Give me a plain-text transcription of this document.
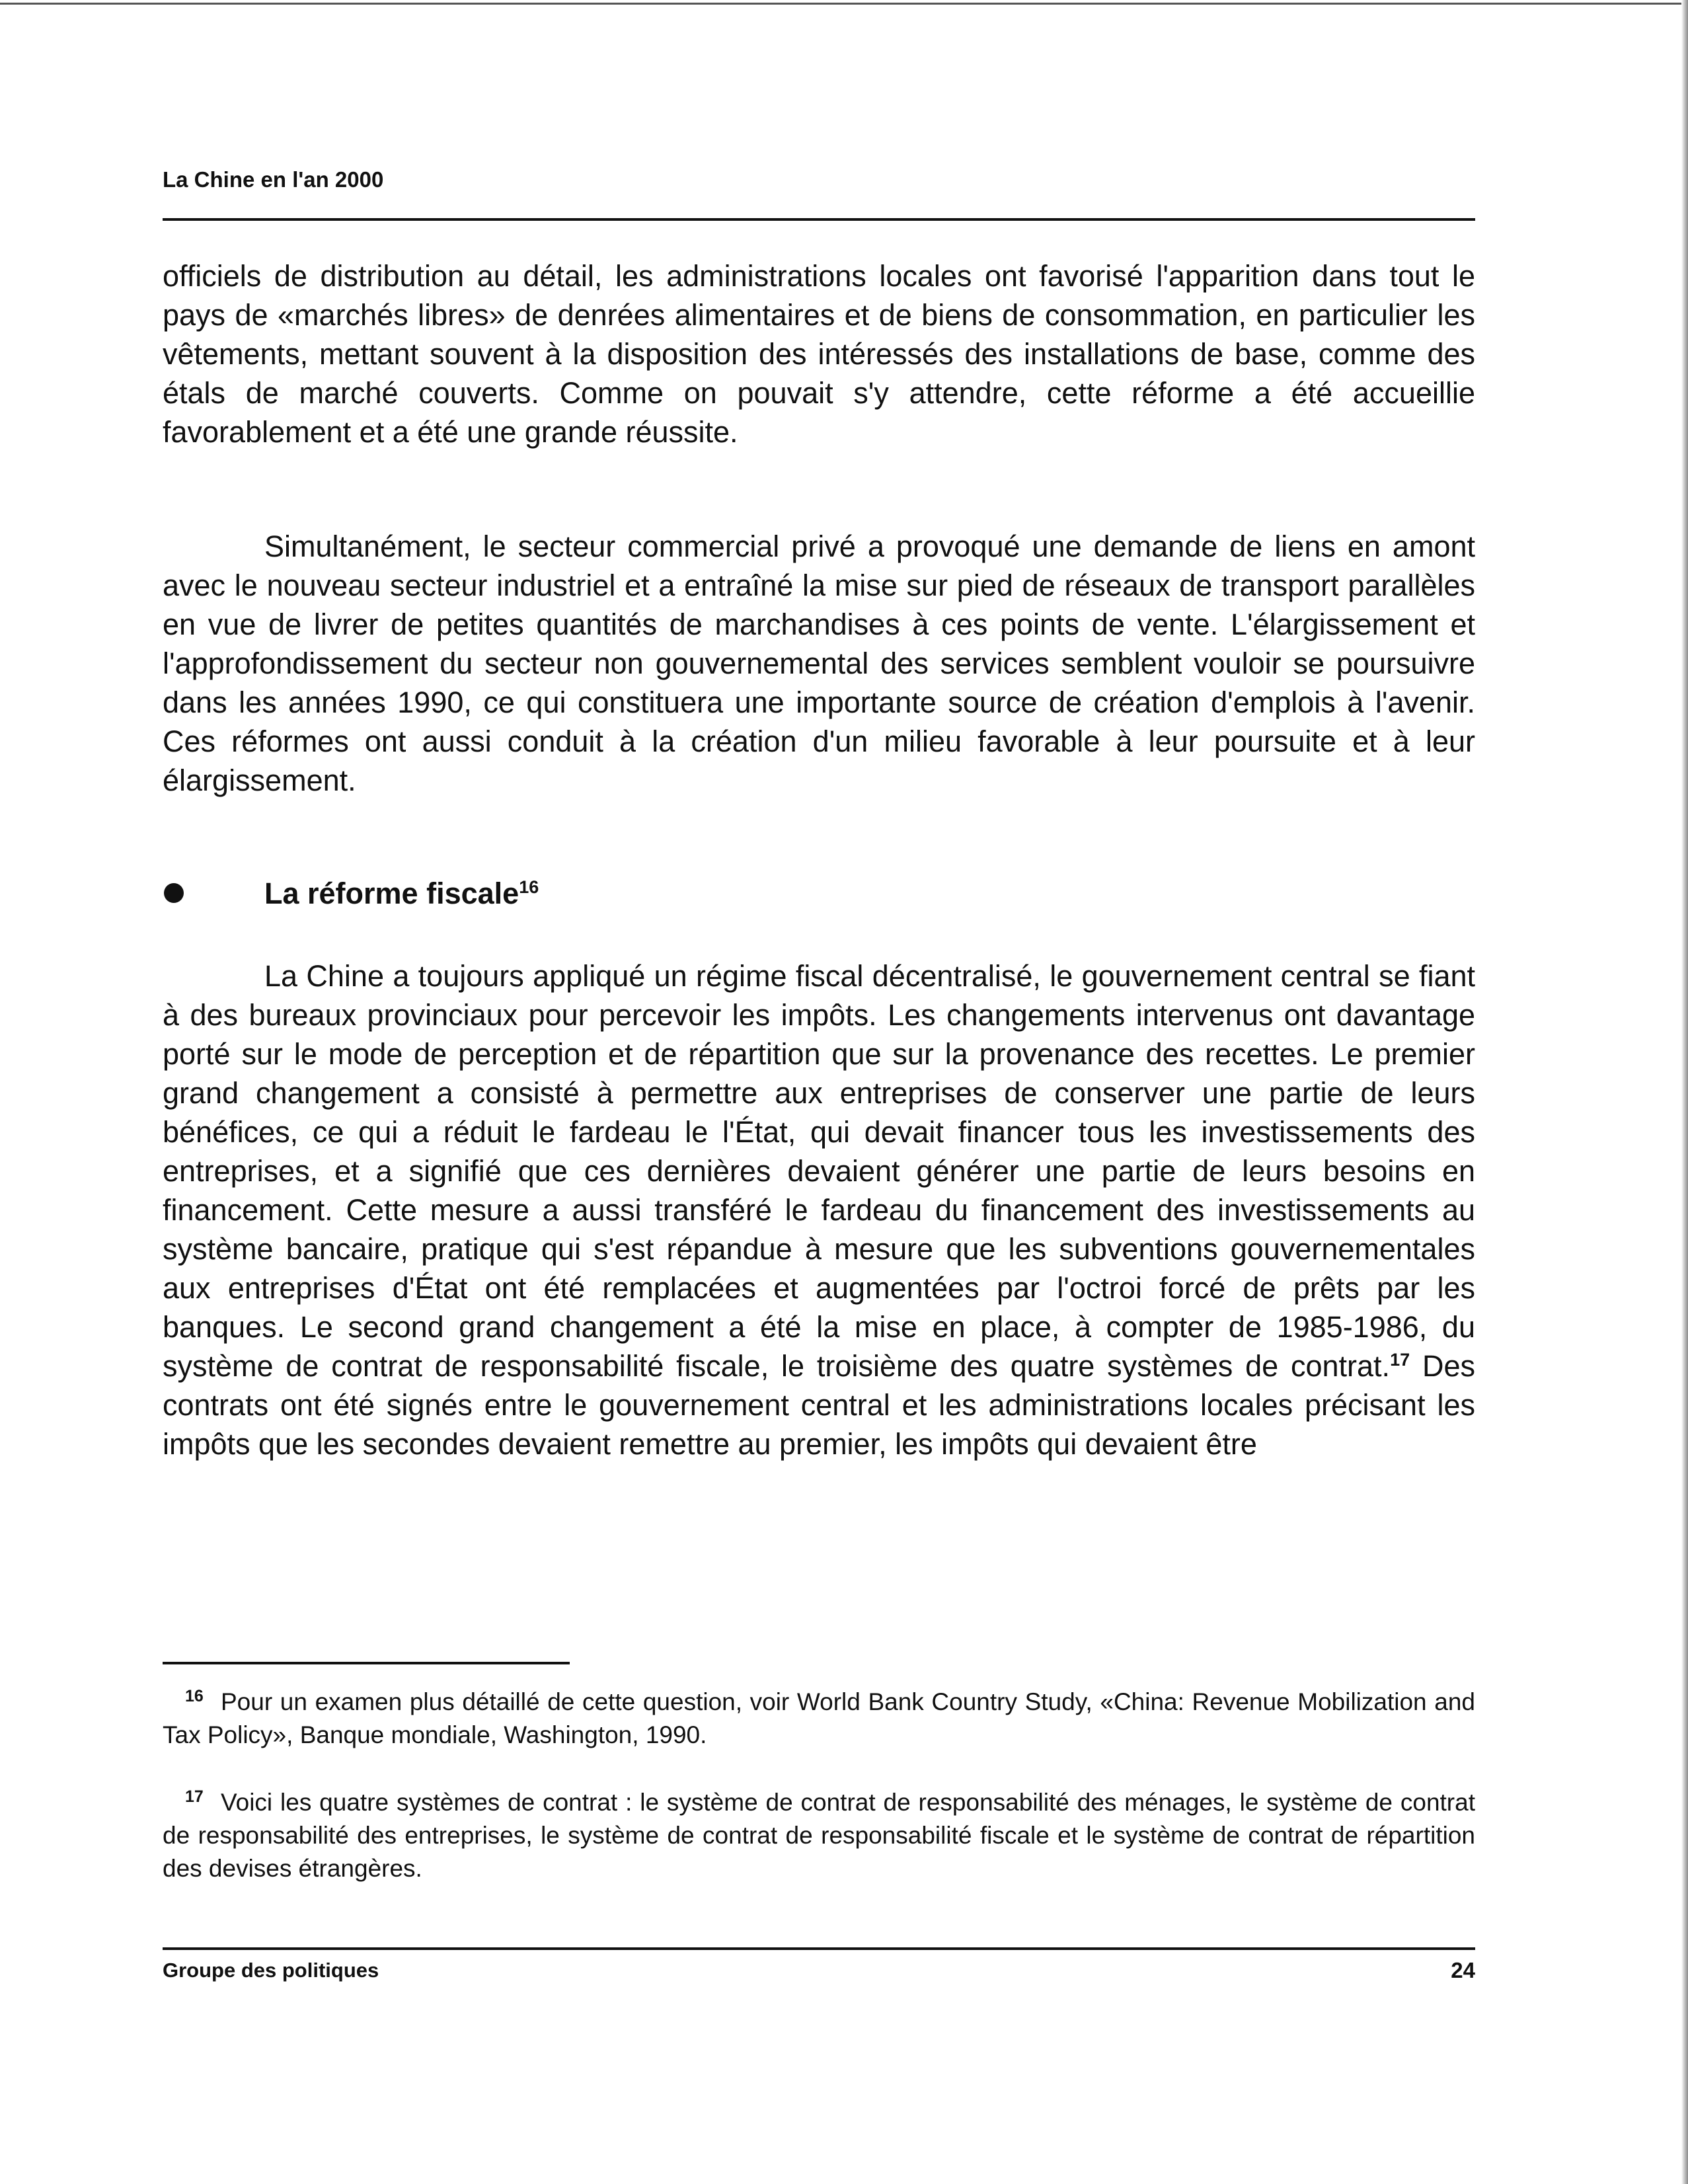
La Chine en l'an 2000

officiels de distribution au détail, les administrations locales ont favorisé l'apparition dans tout le pays de «marchés libres» de denrées alimentaires et de biens de consommation, en particulier les vêtements, mettant souvent à la disposition des intéressés des installations de base, comme des étals de marché couverts. Comme on pouvait s'y attendre, cette réforme a été accueillie favorablement et a été une grande réussite.

Simultanément, le secteur commercial privé a provoqué une demande de liens en amont avec le nouveau secteur industriel et a entraîné la mise sur pied de réseaux de transport parallèles en vue de livrer de petites quantités de marchandises à ces points de vente. L'élargissement et l'approfondissement du secteur non gouvernemental des services semblent vouloir se poursuivre dans les années 1990, ce qui constituera une importante source de création d'emplois à l'avenir. Ces réformes ont aussi conduit à la création d'un milieu favorable à leur poursuite et à leur élargissement.

La réforme fiscale$^{16}$

La Chine a toujours appliqué un régime fiscal décentralisé, le gouvernement central se fiant à des bureaux provinciaux pour percevoir les impôts. Les changements intervenus ont davantage porté sur le mode de perception et de répartition que sur la provenance des recettes. Le premier grand changement a consisté à permettre aux entreprises de conserver une partie de leurs bénéfices, ce qui a réduit le fardeau le l'État, qui devait financer tous les investissements des entreprises, et a signifié que ces dernières devaient générer une partie de leurs besoins en financement. Cette mesure a aussi transféré le fardeau du financement des investissements au système bancaire, pratique qui s'est répandue à mesure que les subventions gouvernementales aux entreprises d'État ont été remplacées et augmentées par l'octroi forcé de prêts par les banques. Le second grand changement a été la mise en place, à compter de 1985-1986, du système de contrat de responsabilité fiscale, le troisième des quatre systèmes de contrat.$^{17}$ Des contrats ont été signés entre le gouvernement central et les administrations locales précisant les impôts que les secondes devaient remettre au premier, les impôts qui devaient être

16 Pour un examen plus détaillé de cette question, voir World Bank Country Study, «China: Revenue Mobilization and Tax Policy», Banque mondiale, Washington, 1990.

17 Voici les quatre systèmes de contrat : le système de contrat de responsabilité des ménages, le système de contrat de responsabilité des entreprises, le système de contrat de responsabilité fiscale et le système de contrat de répartition des devises étrangères.

Groupe des politiques	24
